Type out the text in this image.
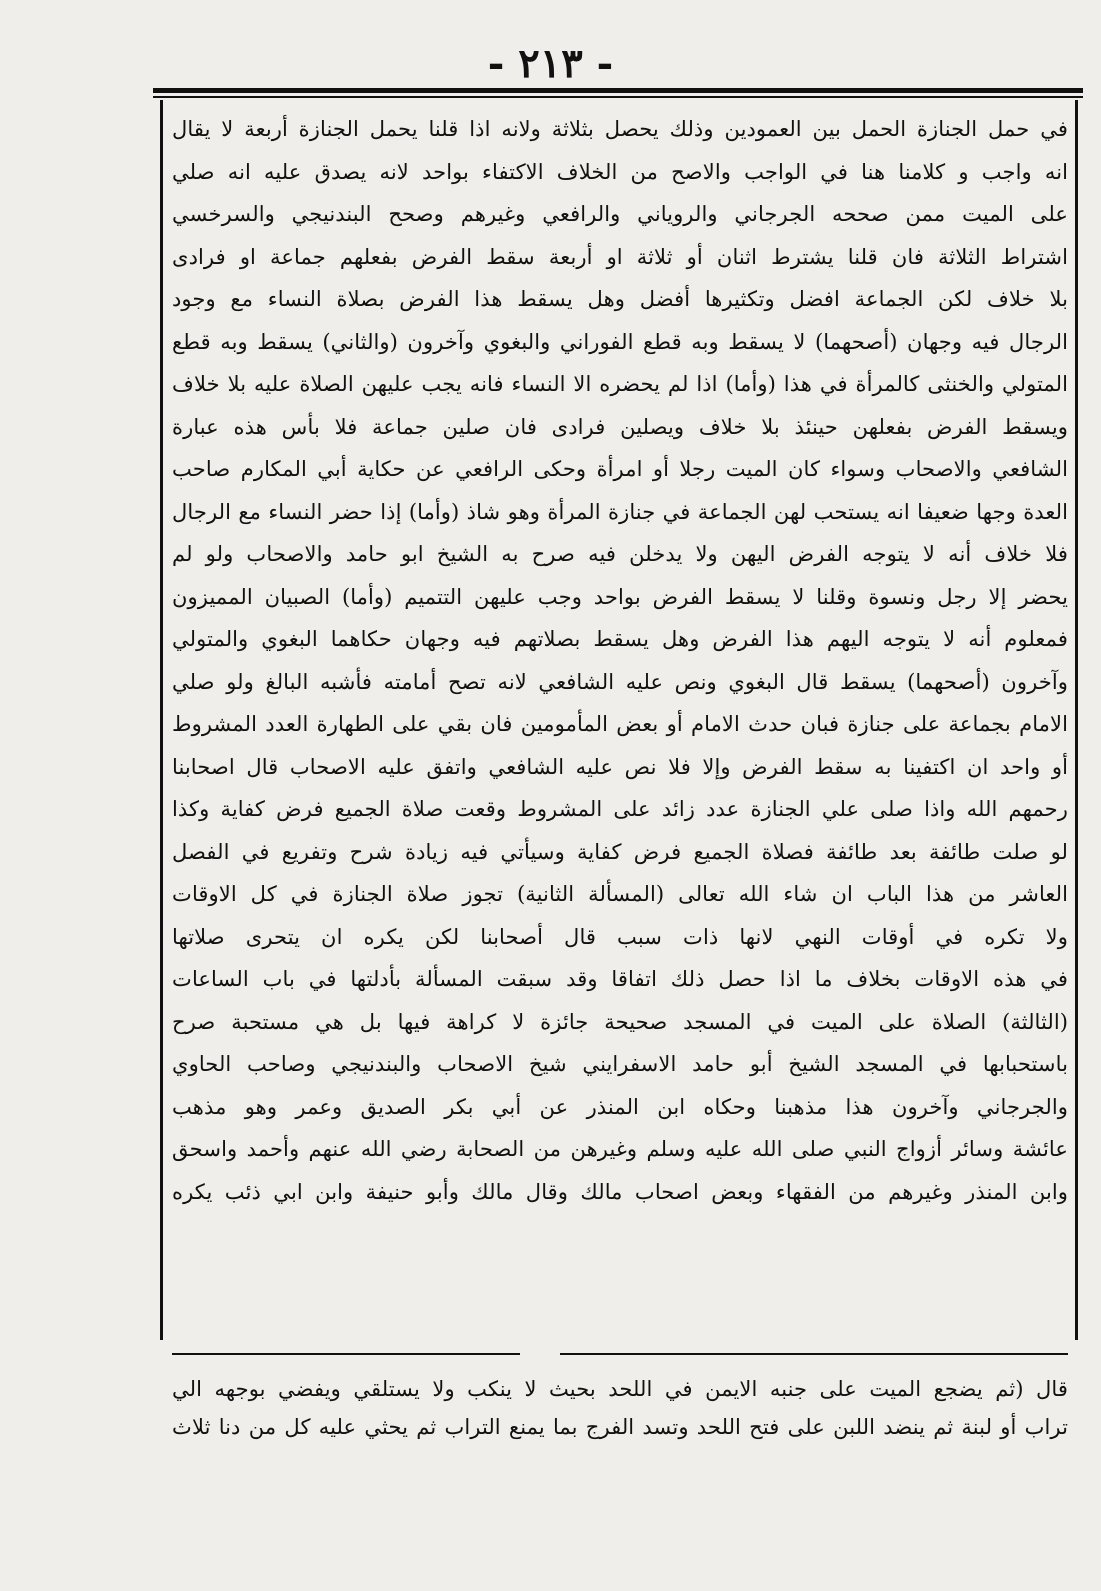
- ٢١٣ -
في حمل الجنازة الحمل بين العمودين وذلك يحصل بثلاثة ولانه اذا قلنا يحمل الجنازة أربعة لا يقال
انه واجب و كلامنا هنا في الواجب والاصح من الخلاف الاكتفاء بواحد لانه يصدق عليه انه صلي
على الميت ممن صححه الجرجاني والروياني والرافعي وغيرهم وصحح البندنيجي والسرخسي
اشتراط الثلاثة فان قلنا يشترط اثنان أو ثلاثة او أربعة سقط الفرض بفعلهم جماعة او فرادى
بلا خلاف لكن الجماعة افضل وتكثيرها أفضل وهل يسقط هذا الفرض بصلاة النساء مع وجود
الرجال فيه وجهان (أصحهما) لا يسقط وبه قطع الفوراني والبغوي وآخرون (والثاني) يسقط وبه قطع
المتولي والخنثى كالمرأة في هذا (وأما) اذا لم يحضره الا النساء فانه يجب عليهن الصلاة عليه بلا خلاف
ويسقط الفرض بفعلهن حينئذ بلا خلاف ويصلين فرادى فان صلين جماعة فلا بأس هذه عبارة
الشافعي والاصحاب وسواء كان الميت رجلا أو امرأة وحكى الرافعي عن حكاية أبي المكارم صاحب
العدة وجها ضعيفا انه يستحب لهن الجماعة في جنازة المرأة وهو شاذ (وأما) إذا حضر النساء مع الرجال
فلا خلاف أنه لا يتوجه الفرض اليهن ولا يدخلن فيه صرح به الشيخ ابو حامد والاصحاب ولو لم
يحضر إلا رجل ونسوة وقلنا لا يسقط الفرض بواحد وجب عليهن التتميم (وأما) الصبيان المميزون
فمعلوم أنه لا يتوجه اليهم هذا الفرض وهل يسقط بصلاتهم فيه وجهان حكاهما البغوي والمتولي
وآخرون (أصحهما) يسقط قال البغوي ونص عليه الشافعي لانه تصح أمامته فأشبه البالغ ولو صلي
الامام بجماعة على جنازة فبان حدث الامام أو بعض المأمومين فان بقي على الطهارة العدد المشروط
أو واحد ان اكتفينا به سقط الفرض وإلا فلا نص عليه الشافعي واتفق عليه الاصحاب قال اصحابنا
رحمهم الله واذا صلى علي الجنازة عدد زائد على المشروط وقعت صلاة الجميع فرض كفاية وكذا
لو صلت طائفة بعد طائفة فصلاة الجميع فرض كفاية وسيأتي فيه زيادة شرح وتفريع في الفصل
العاشر من هذا الباب ان شاء الله تعالى (المسألة الثانية) تجوز صلاة الجنازة في كل الاوقات
ولا تكره في أوقات النهي لانها ذات سبب قال أصحابنا لكن يكره ان يتحرى صلاتها
في هذه الاوقات بخلاف ما اذا حصل ذلك اتفاقا وقد سبقت المسألة بأدلتها في باب الساعات
(الثالثة) الصلاة على الميت في المسجد صحيحة جائزة لا كراهة فيها بل هي مستحبة صرح
باستحبابها في المسجد الشيخ أبو حامد الاسفرايني شيخ الاصحاب والبندنيجي وصاحب الحاوي
والجرجاني وآخرون هذا مذهبنا وحكاه ابن المنذر عن أبي بكر الصديق وعمر وهو مذهب
عائشة وسائر أزواج النبي صلى الله عليه وسلم وغيرهن من الصحابة رضي الله عنهم وأحمد واسحق
وابن المنذر وغيرهم من الفقهاء وبعض اصحاب مالك وقال مالك وأبو حنيفة وابن ابي ذئب يكره
قال (ثم يضجع الميت على جنبه الايمن في اللحد بحيث لا ينكب ولا يستلقي ويفضي بوجهه الي
تراب أو لبنة ثم ينضد اللبن على فتح اللحد وتسد الفرج بما يمنع التراب ثم يحثي عليه كل من دنا ثلاث
